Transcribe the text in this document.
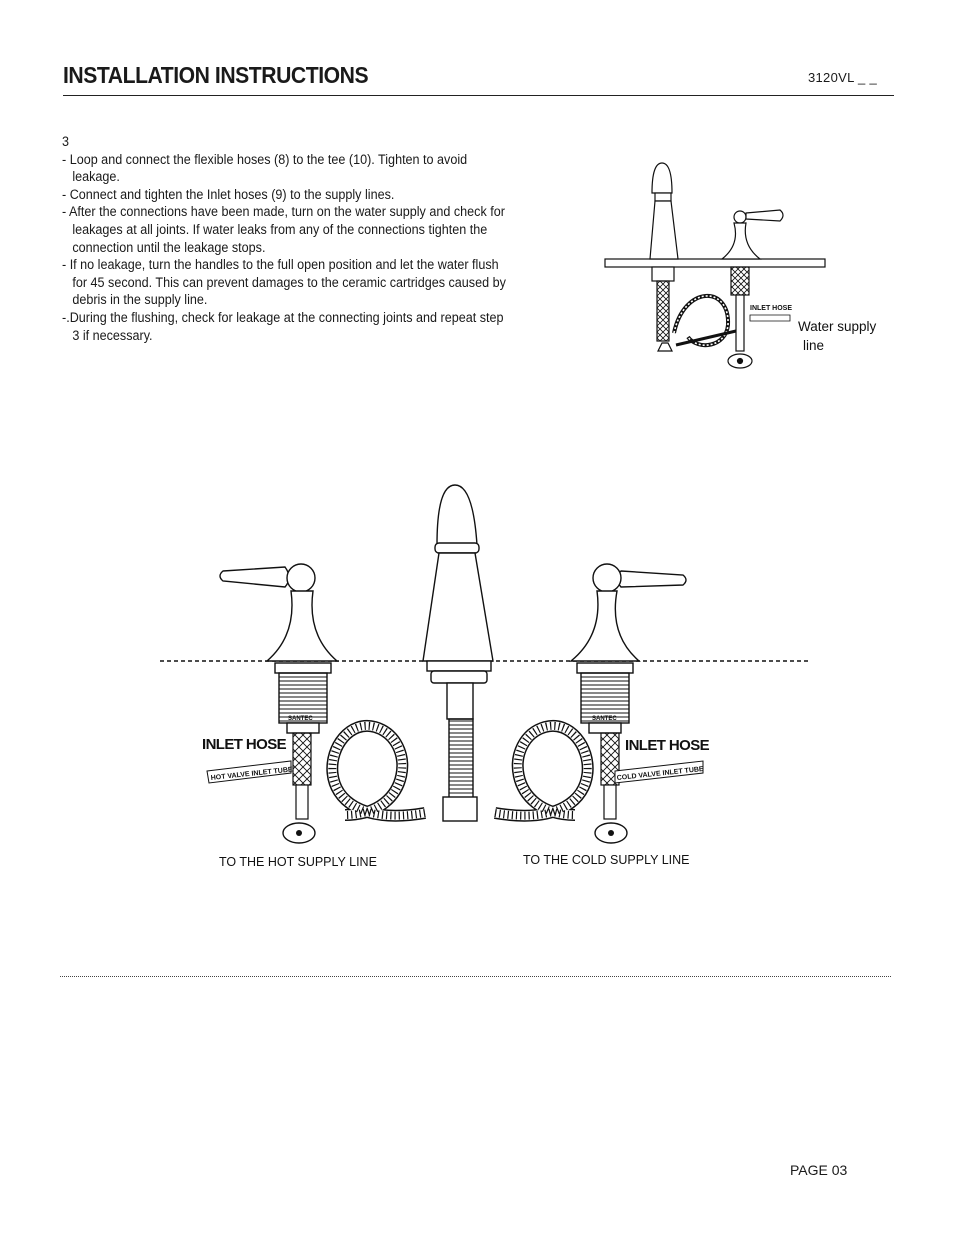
INSTALLATION INSTRUCTIONS	3120VL _ _
3

- Loop and connect the flexible hoses (8) to the tee (10). Tighten to avoid leakage.

- Connect and tighten the Inlet hoses (9) to the supply lines.

- After the connections have been made, turn on the water supply and check for leakages at all joints. If water leaks from any of the connections tighten the connection until the leakage stops.

- If no leakage, turn the handles to the full open position and let the water flush for 45 second. This can prevent damages to the ceramic cartridges caused by debris in the supply line.

-.During the flushing, check for leakage at the connecting joints and repeat step 3 if necessary.

INLET HOSE
Water supply
line
SANTEC	SANTEC
HOT VALVE INLET TUBE	COLD VALVE INLET TUBE
INLET HOSE	INLET HOSE
TO THE HOT SUPPLY LINE	TO THE COLD SUPPLY LINE
PAGE 03
